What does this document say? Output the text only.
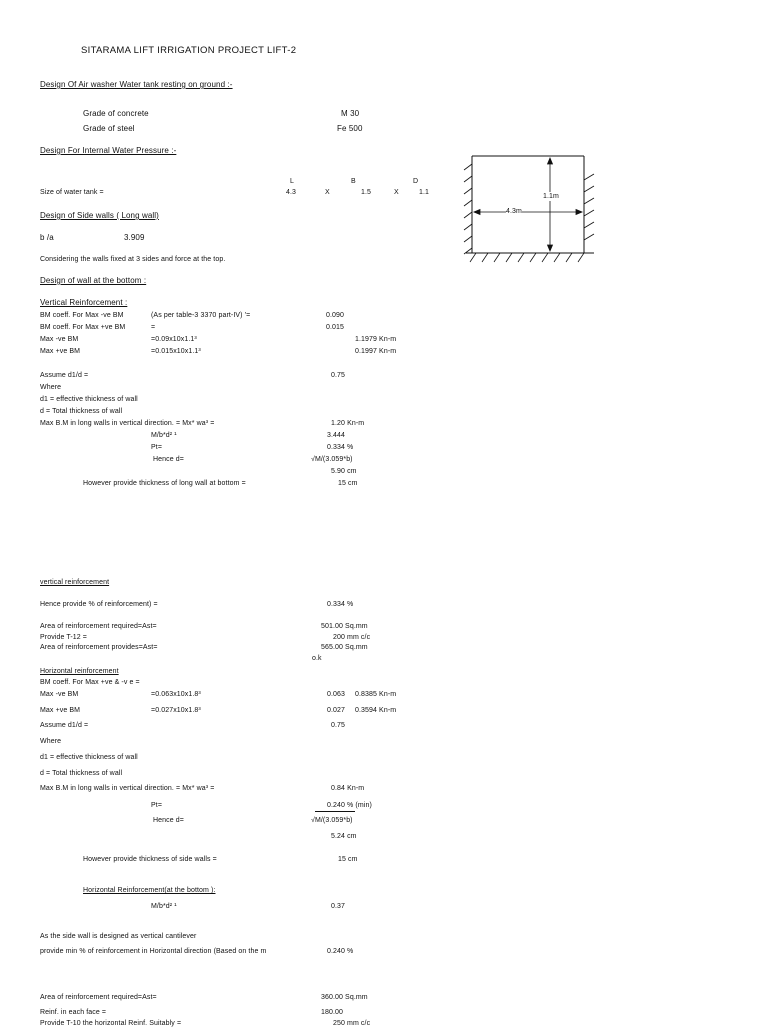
SITARAMA LIFT IRRIGATION PROJECT LIFT-2
Design Of Air washer Water tank resting on ground :-
Grade of concrete	M 30
Grade of steel	Fe 500
Design For Internal Water Pressure :-
L	B	D
Size of water tank =	4.3	X	1.5	X	1.1
1.1m
4.3m
Design of Side walls ( Long wall)
b /a	3.909
Considering the walls fixed at 3 sides and force at the top.
Design of wall at the bottom :
Vertical Reinforcement :
BM coeff. For Max -ve BM	(As per table-3 3370 part-IV) '=	0.090
BM coeff. For Max +ve BM	=	0.015
Max -ve BM	=0.09x10x1.1³	1.1979 Kn-m
Max +ve BM	=0.015x10x1.1³	0.1997 Kn-m
Assume d1/d =	0.75
Where
d1 = effective thickness of wall
d = Total thickness of wall
Max B.M in long walls in vertical direction. = Mx* wa³ =	1.20 Kn-m
M/b*d² ¹	3.444
Pt=	0.334 %
Hence d=	√M/(3.059*b)
5.90 cm
However provide thickness of long wall at bottom =	15 cm
vertical reinforcement
Hence provide % of reinforcement) =	0.334 %
Area of reinforcement required=Ast=	501.00 Sq.mm
Provide T-12 =	200 mm c/c
Area of reinforcement provides=Ast=	565.00 Sq.mm
o.k
Horizontal reinforcement
BM coeff. For Max +ve & -v e =
Max -ve BM	=0.063x10x1.8³	0.063 0.8385 Kn-m
Max +ve BM	=0.027x10x1.8³	0.027 0.3594 Kn-m
Assume d1/d =	0.75
Where
d1 = effective thickness of wall
d = Total thickness of wall
Max B.M in long walls in vertical direction. = Mx* wa³ =	0.84 Kn-m
Pt=	0.240 % (min)
Hence d=	√M/(3.059*b)
5.24 cm
However provide thickness of side walls =	15 cm
Horizontal Reinforcement(at the bottom ):
M/b*d² ¹	0.37
As the side wall is designed as vertical cantilever
provide min % of reinforcement in Horizontal direction (Based on the m	0.240 %
Area of reinforcement required=Ast=	360.00 Sq.mm
Reinf. in each face =	180.00
Provide T-10 the horizontal Reinf. Suitably =	250 mm c/c
